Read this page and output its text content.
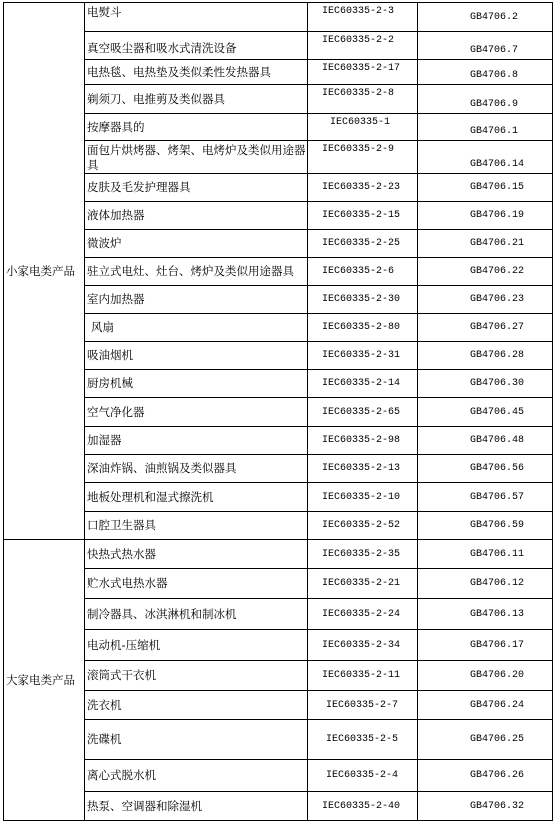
小家电类产品	电熨斗	IEC60335-2-3	GB4706.2
	真空吸尘器和吸水式清洗设备	IEC60335-2-2	GB4706.7
	电热毯、电热垫及类似柔性发热器具	IEC60335-2-17	GB4706.8
	剃须刀、电推剪及类似器具	IEC60335-2-8	GB4706.9
	按摩器具的	IEC60335-1	GB4706.1
	面包片烘烤器、烤架、电烤炉及类似用途器具	IEC60335-2-9	GB4706.14
	皮肤及毛发护理器具	IEC60335-2-23	GB4706.15
	液体加热器	IEC60335-2-15	GB4706.19
	微波炉	IEC60335-2-25	GB4706.21
	驻立式电灶、灶台、烤炉及类似用途器具	IEC60335-2-6	GB4706.22
	室内加热器	IEC60335-2-30	GB4706.23
	风扇	IEC60335-2-80	GB4706.27
	吸油烟机	IEC60335-2-31	GB4706.28
	厨房机械	IEC60335-2-14	GB4706.30
	空气净化器	IEC60335-2-65	GB4706.45
	加湿器	IEC60335-2-98	GB4706.48
	深油炸锅、油煎锅及类似器具	IEC60335-2-13	GB4706.56
	地板处理机和湿式擦洗机	IEC60335-2-10	GB4706.57
	口腔卫生器具	IEC60335-2-52	GB4706.59
大家电类产品	快热式热水器	IEC60335-2-35	GB4706.11
	贮水式电热水器	IEC60335-2-21	GB4706.12
	制冷器具、冰淇淋机和制冰机	IEC60335-2-24	GB4706.13
	电动机-压缩机	IEC60335-2-34	GB4706.17
	滚筒式干衣机	IEC60335-2-11	GB4706.20
	洗衣机	IEC60335-2-7	GB4706.24
	洗碟机	IEC60335-2-5	GB4706.25
	离心式脱水机	IEC60335-2-4	GB4706.26
	热泵、空调器和除湿机	IEC60335-2-40	GB4706.32
